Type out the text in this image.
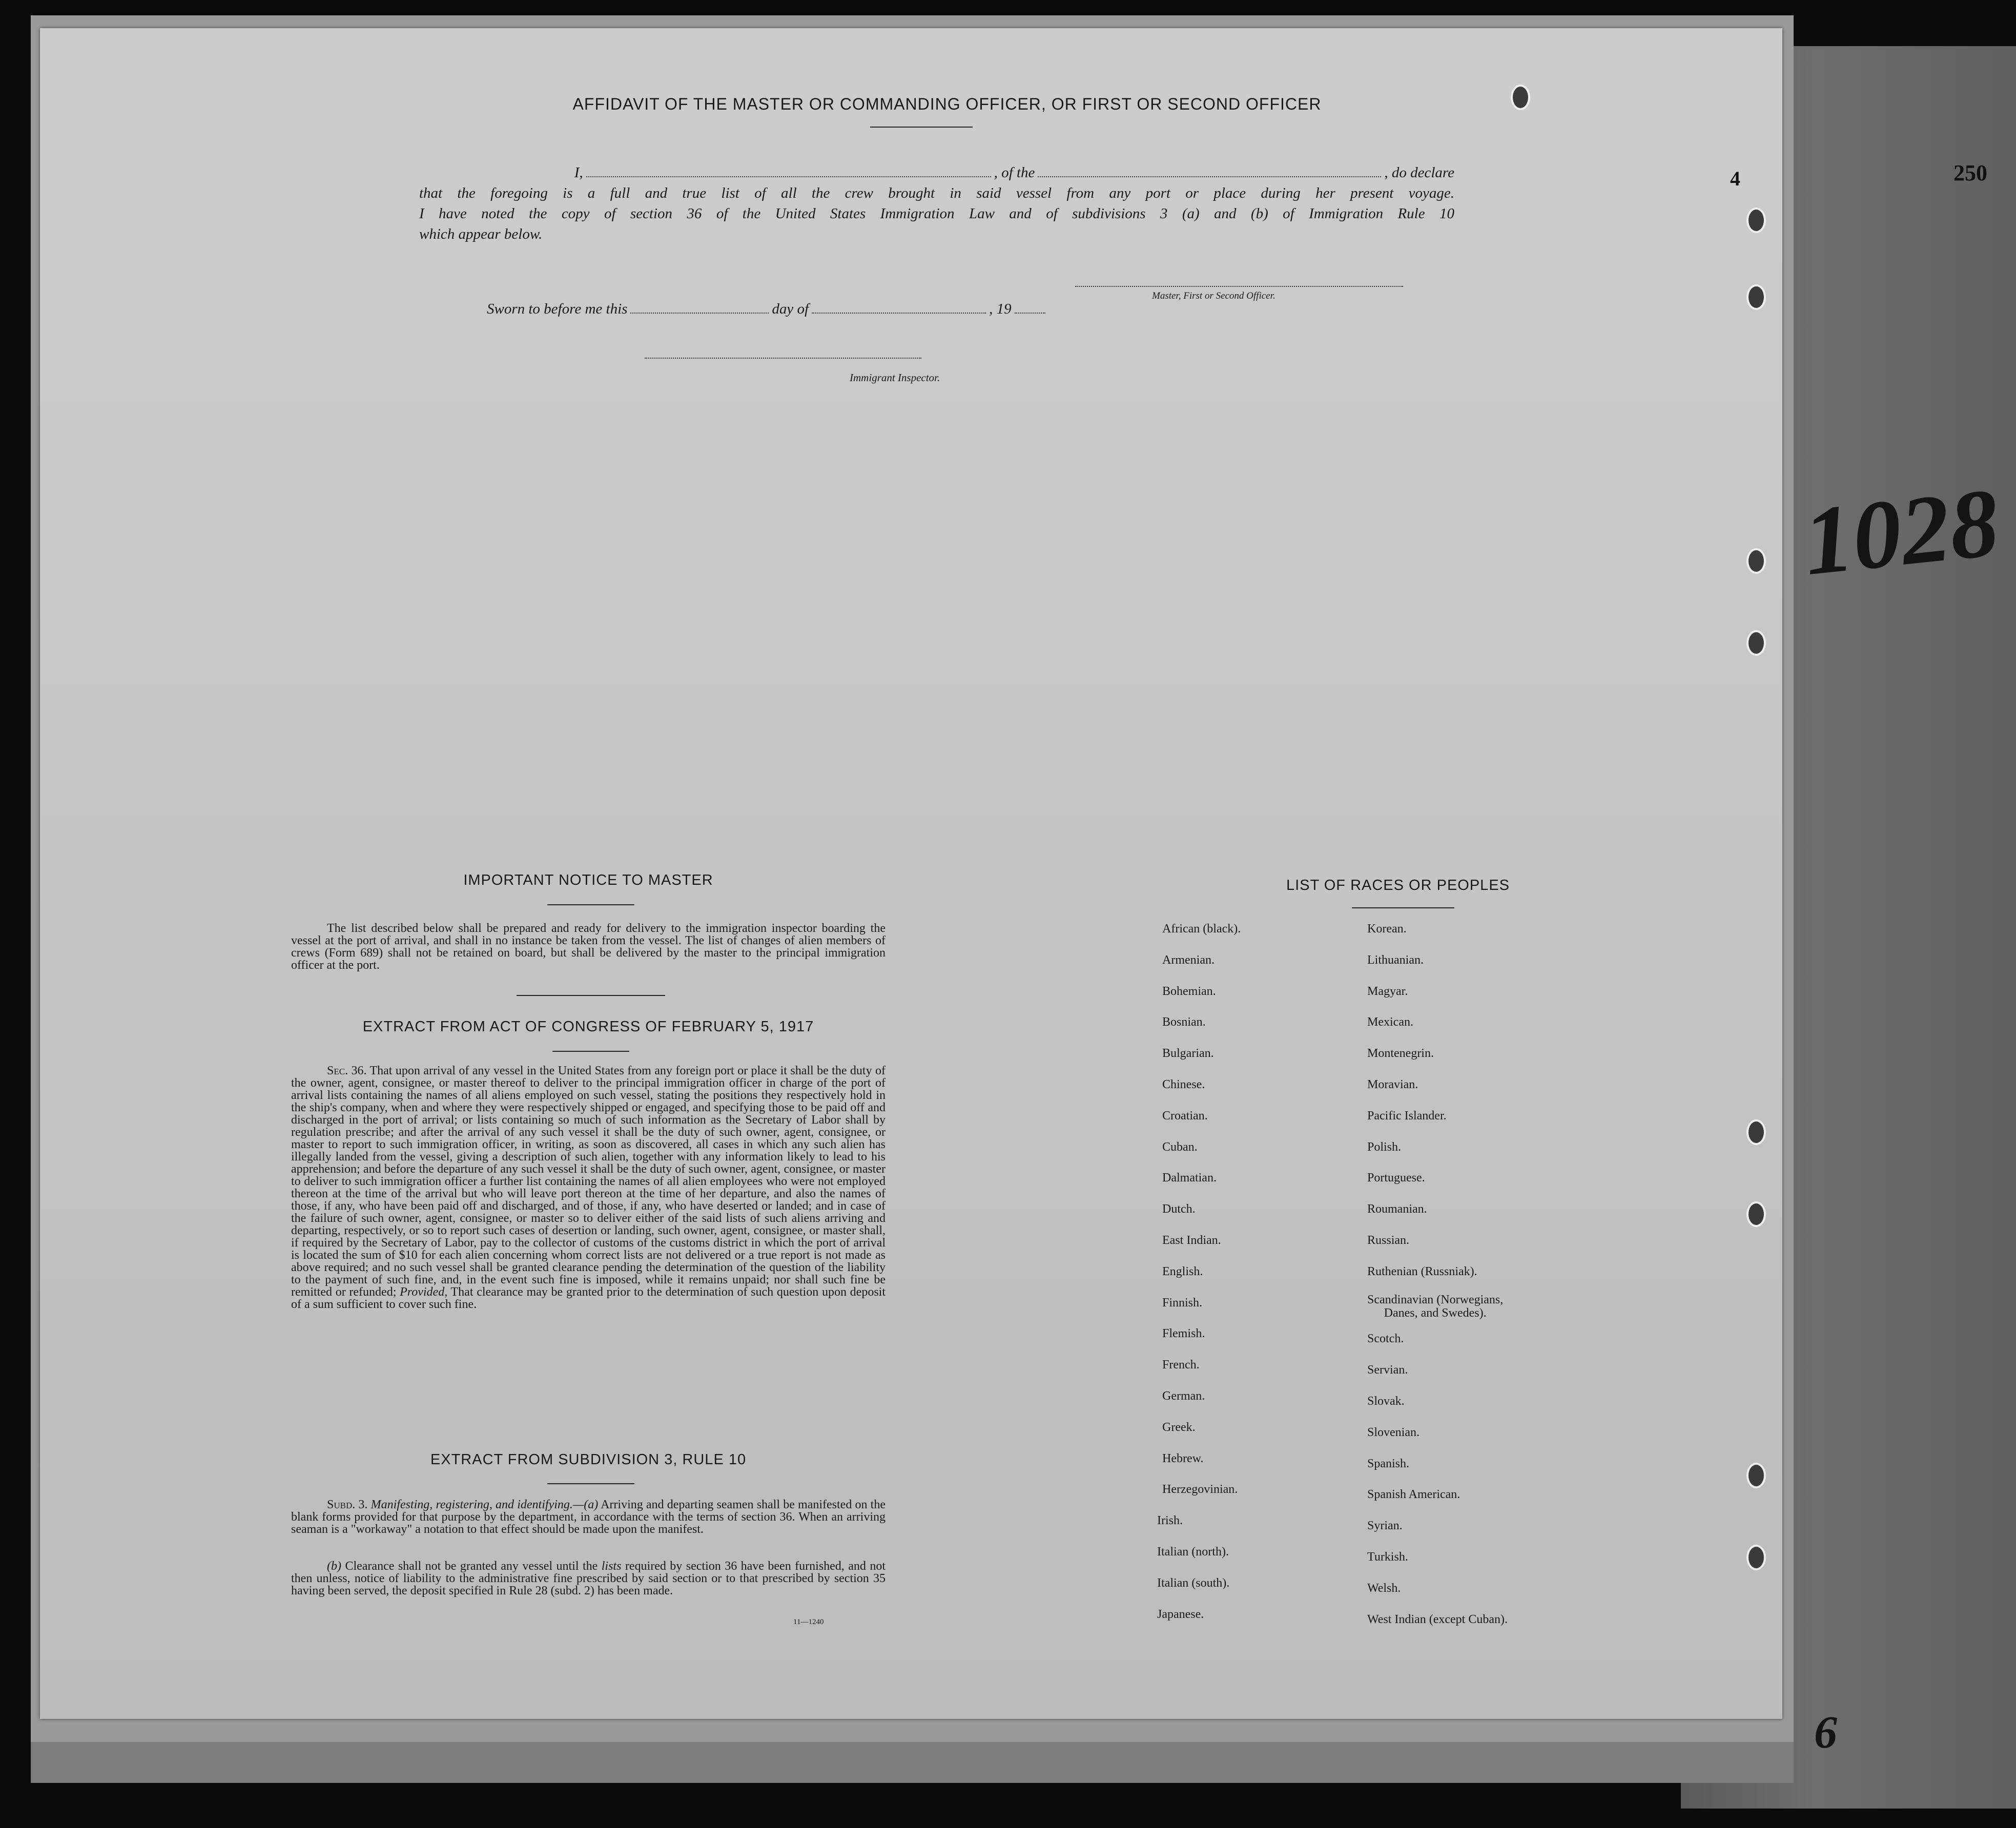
250
1028
6
4
AFFIDAVIT OF THE MASTER OR COMMANDING OFFICER, OR FIRST OR SECOND OFFICER
I,	, of the	, do declare
that the foregoing is a full and true list of all the crew brought in said vessel from any port or place during her present voyage.
I have noted the copy of section 36 of the United States Immigration Law and of subdivisions 3 (a) and (b) of Immigration Rule 10
which appear below.
Master, First or Second Officer.
Sworn to before me this	day of	, 19
Immigrant Inspector.
IMPORTANT NOTICE TO MASTER
The list described below shall be prepared and ready for delivery to the immigration inspector boarding the vessel at the port of arrival, and shall in no instance be taken from the vessel. The list of changes of alien members of crews (Form 689) shall not be retained on board, but shall be delivered by the master to the principal immigration officer at the port.
EXTRACT FROM ACT OF CONGRESS OF FEBRUARY 5, 1917
Sec. 36. That upon arrival of any vessel in the United States from any foreign port or place it shall be the duty of the owner, agent, consignee, or master thereof to deliver to the principal immigration officer in charge of the port of arrival lists containing the names of all aliens employed on such vessel, stating the positions they respectively hold in the ship's company, when and where they were respectively shipped or engaged, and specifying those to be paid off and discharged in the port of arrival; or lists containing so much of such information as the Secretary of Labor shall by regulation prescribe; and after the arrival of any such vessel it shall be the duty of such owner, agent, consignee, or master to report to such immigration officer, in writing, as soon as discovered, all cases in which any such alien has illegally landed from the vessel, giving a description of such alien, together with any information likely to lead to his apprehension; and before the departure of any such vessel it shall be the duty of such owner, agent, consignee, or master to deliver to such immigration officer a further list containing the names of all alien employees who were not employed thereon at the time of the arrival but who will leave port thereon at the time of her departure, and also the names of those, if any, who have been paid off and discharged, and of those, if any, who have deserted or landed; and in case of the failure of such owner, agent, consignee, or master so to deliver either of the said lists of such aliens arriving and departing, respectively, or so to report such cases of desertion or landing, such owner, agent, consignee, or master shall, if required by the Secretary of Labor, pay to the collector of customs of the customs district in which the port of arrival is located the sum of $10 for each alien concerning whom correct lists are not delivered or a true report is not made as above required; and no such vessel shall be granted clearance pending the determination of the question of the liability to the payment of such fine, and, in the event such fine is imposed, while it remains unpaid; nor shall such fine be remitted or refunded; Provided, That clearance may be granted prior to the determination of such question upon deposit of a sum sufficient to cover such fine.
EXTRACT FROM SUBDIVISION 3, RULE 10
Subd. 3. Manifesting, registering, and identifying.—(a) Arriving and departing seamen shall be manifested on the blank forms provided for that purpose by the department, in accordance with the terms of section 36. When an arriving seaman is a "workaway" a notation to that effect should be made upon the manifest.
(b) Clearance shall not be granted any vessel until the lists required by section 36 have been furnished, and not then unless, notice of liability to the administrative fine prescribed by said section or to that prescribed by section 35 having been served, the deposit specified in Rule 28 (subd. 2) has been made.
11—1240
LIST OF RACES OR PEOPLES
African (black).
Armenian.
Bohemian.
Bosnian.
Bulgarian.
Chinese.
Croatian.
Cuban.
Dalmatian.
Dutch.
East Indian.
English.
Finnish.
Flemish.
French.
German.
Greek.
Hebrew.
Herzegovinian.
Irish.
Italian (north).
Italian (south).
Japanese.
Korean.
Lithuanian.
Magyar.
Mexican.
Montenegrin.
Moravian.
Pacific Islander.
Polish.
Portuguese.
Roumanian.
Russian.
Ruthenian (Russniak).
Scandinavian (Norwegians,
Danes, and Swedes).
Scotch.
Servian.
Slovak.
Slovenian.
Spanish.
Spanish American.
Syrian.
Turkish.
Welsh.
West Indian (except Cuban).
